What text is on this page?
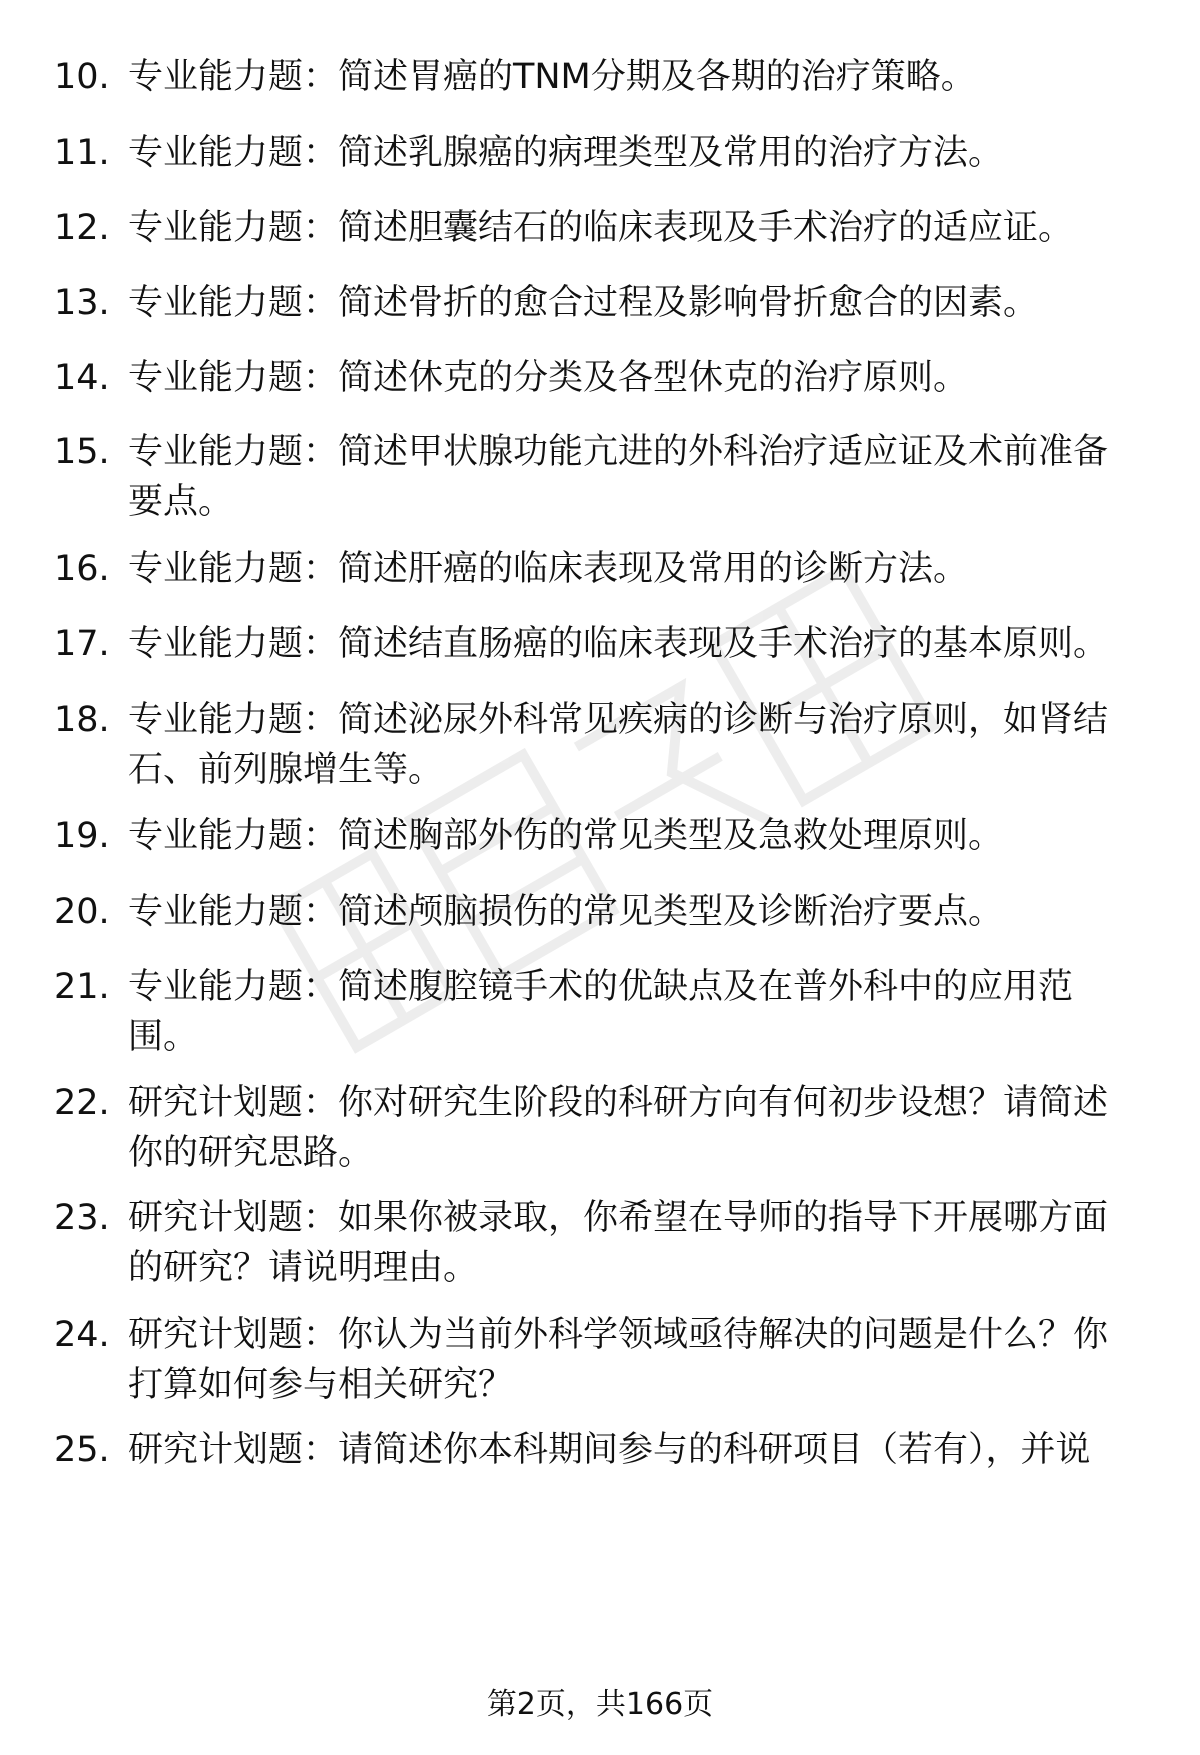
10. 专业能力题：简述胃癌的TNM分期及各期的治疗策略。
11. 专业能力题：简述乳腺癌的病理类型及常用的治疗方法。
12. 专业能力题：简述胆囊结石的临床表现及手术治疗的适应证。
13. 专业能力题：简述骨折的愈合过程及影响骨折愈合的因素。
14. 专业能力题：简述休克的分类及各型休克的治疗原则。
15. 专业能力题：简述甲状腺功能亢进的外科治疗适应证及术前准备
要点。
16. 专业能力题：简述肝癌的临床表现及常用的诊断方法。
17. 专业能力题：简述结直肠癌的临床表现及手术治疗的基本原则。
18. 专业能力题：简述泌尿外科常见疾病的诊断与治疗原则，如肾结
石、前列腺增生等。
19. 专业能力题：简述胸部外伤的常见类型及急救处理原则。
20. 专业能力题：简述颅脑损伤的常见类型及诊断治疗要点。
21. 专业能力题：简述腹腔镜手术的优缺点及在普外科中的应用范
围。
22. 研究计划题：你对研究生阶段的科研方向有何初步设想？请简述
你的研究思路。
23. 研究计划题：如果你被录取，你希望在导师的指导下开展哪方面
的研究？请说明理由。
24. 研究计划题：你认为当前外科学领域亟待解决的问题是什么？你
打算如何参与相关研究？
25. 研究计划题：请简述你本科期间参与的科研项目（若有），并说
第2页，共166页
